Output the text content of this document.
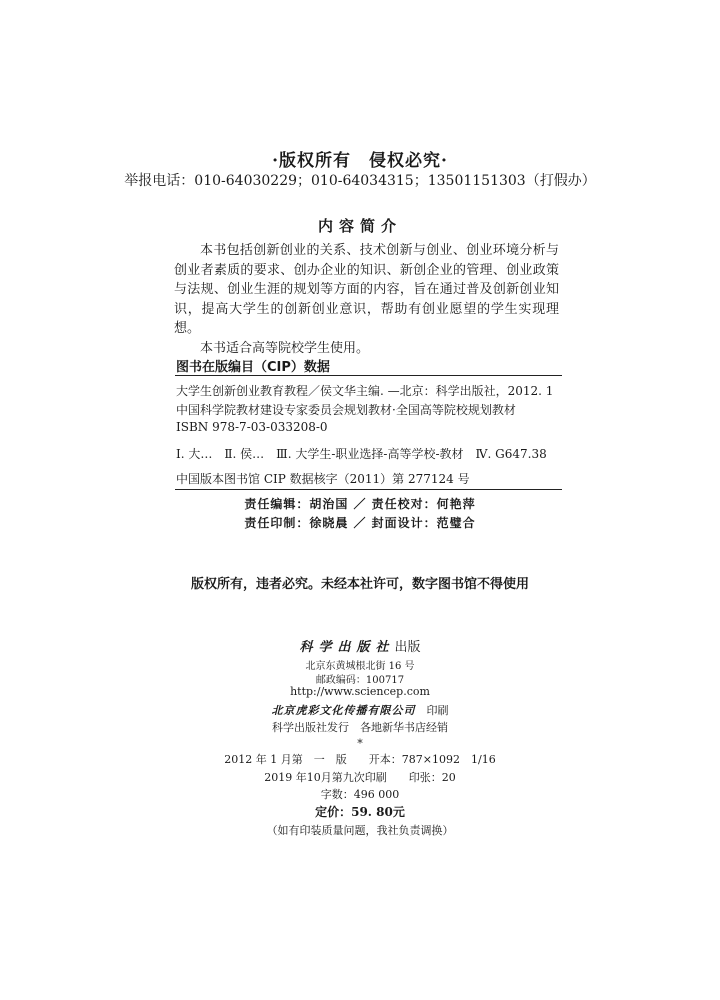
·版权所有　侵权必究·
举报电话：010-64030229；010-64034315；13501151303（打假办）
内容简介

本书包括创新创业的关系、技术创新与创业、创业环境分析与创业者素质的要求、创办企业的知识、新创企业的管理、创业政策与法规、创业生涯的规划等方面的内容，旨在通过普及创新创业知识，提高大学生的创新创业意识，帮助有创业愿望的学生实现理想。

本书适合高等院校学生使用。

图书在版编目（CIP）数据
大学生创新创业教育教程／侯文华主编. —北京：科学出版社，2012. 1
中国科学院教材建设专家委员会规划教材·全国高等院校规划教材
ISBN 978-7-03-033208-0
Ⅰ. 大…　Ⅱ. 侯…　Ⅲ. 大学生-职业选择-高等学校-教材　Ⅳ. G647.38
中国版本图书馆 CIP 数据核字（2011）第 277124 号
责任编辑：胡治国 ／ 责任校对：何艳萍
责任印制：徐晓晨 ／ 封面设计：范璧合
版权所有，违者必究。未经本社许可，数字图书馆不得使用
科学出版社出版
北京东黄城根北街 16 号
邮政编码：100717
http://www.sciencep.com
北京虎彩文化传播有限公司　 印刷
科学出版社发行　各地新华书店经销
*
2012 年 1 月第　一　版　　开本：787×1092　1/16
2019 年10月第九次印刷　　印张：20
字数：496 000
定价：59. 80元
（如有印装质量问题，我社负责调换）
